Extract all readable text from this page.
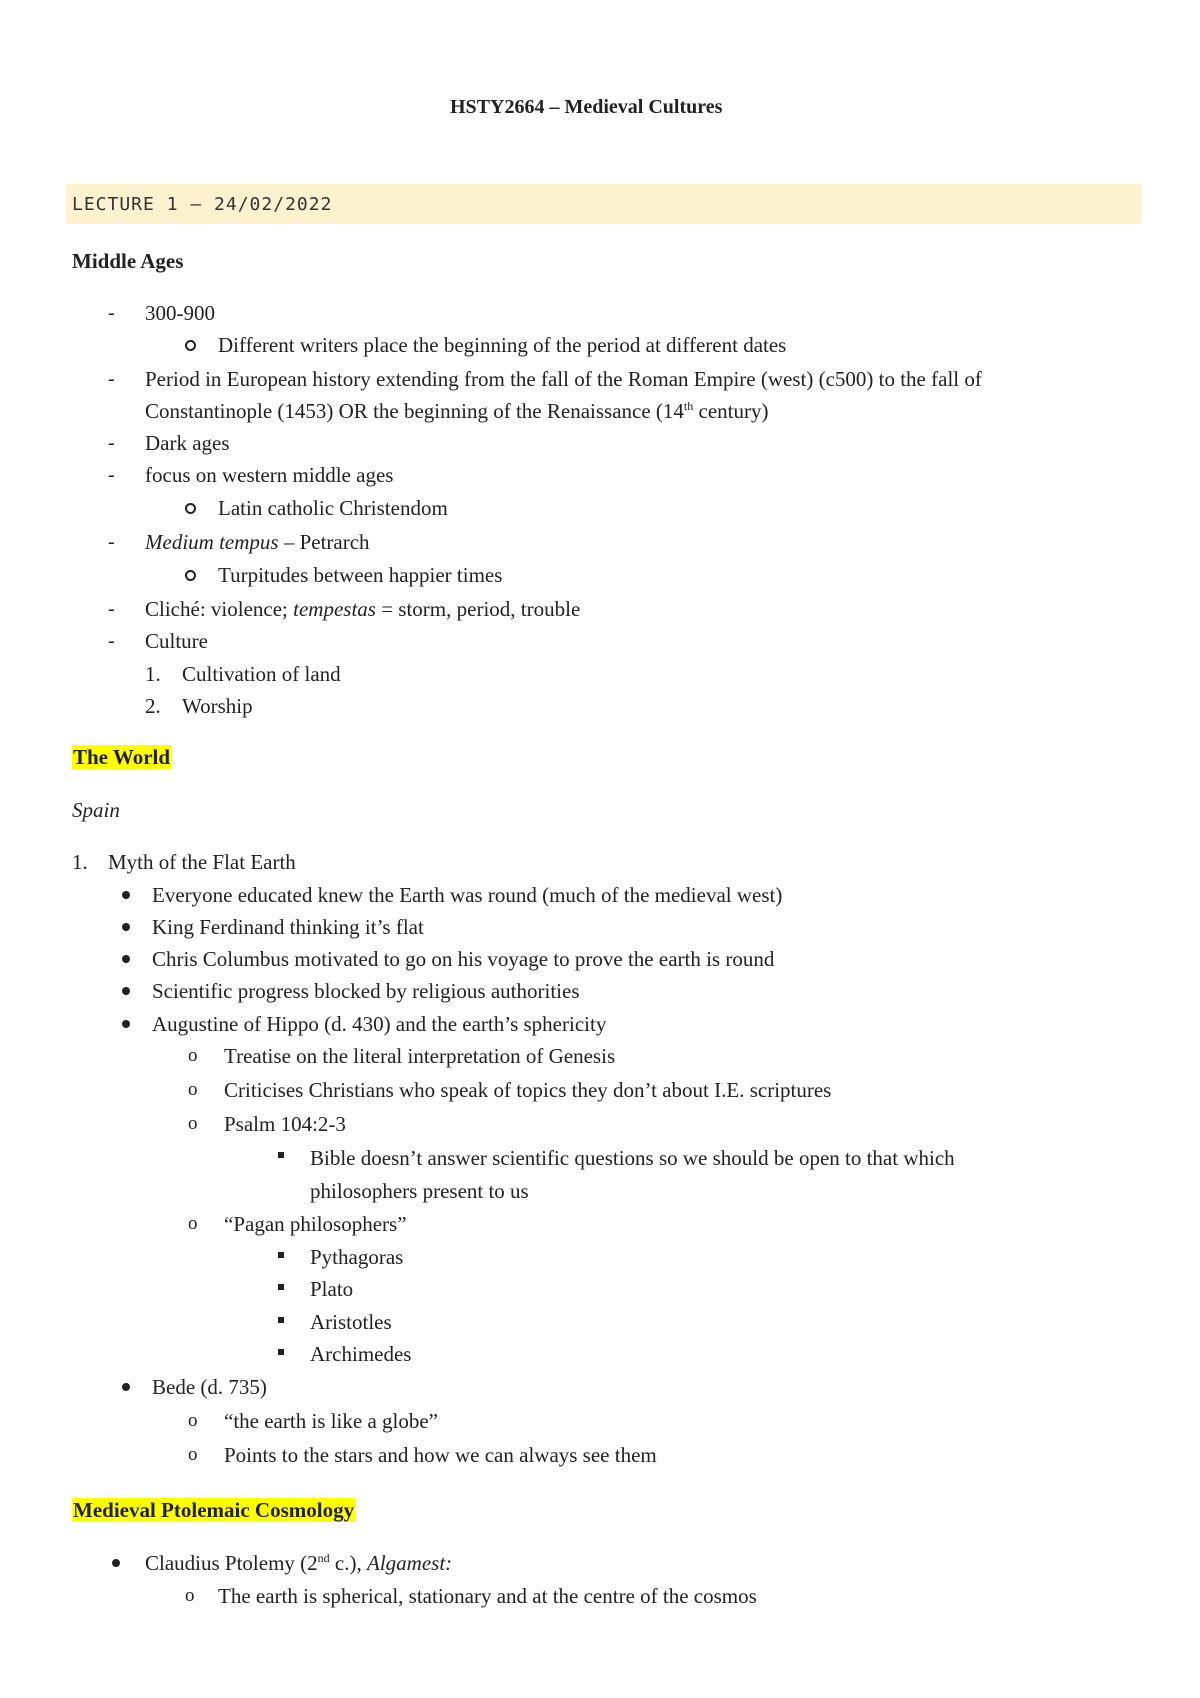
HSTY2664 – Medieval Cultures
LECTURE 1 – 24/02/2022
Middle Ages
- 300-900
Different writers place the beginning of the period at different dates
- Period in European history extending from the fall of the Roman Empire (west) (c500) to the fall of
Constantinople (1453) OR the beginning of the Renaissance (14th century)
- Dark ages
- focus on western middle ages
Latin catholic Christendom
- Medium tempus – Petrarch
Turpitudes between happier times
- Cliché: violence; tempestas = storm, period, trouble
- Culture
1. Cultivation of land
2. Worship
The World
Spain
1. Myth of the Flat Earth
Everyone educated knew the Earth was round (much of the medieval west)
King Ferdinand thinking it’s flat
Chris Columbus motivated to go on his voyage to prove the earth is round
Scientific progress blocked by religious authorities
Augustine of Hippo (d. 430) and the earth’s sphericity
o Treatise on the literal interpretation of Genesis
o Criticises Christians who speak of topics they don’t about I.E. scriptures
o Psalm 104:2-3
Bible doesn’t answer scientific questions so we should be open to that which
philosophers present to us
o “Pagan philosophers”
Pythagoras
Plato
Aristotles
Archimedes
Bede (d. 735)
o “the earth is like a globe”
o Points to the stars and how we can always see them
Medieval Ptolemaic Cosmology
Claudius Ptolemy (2nd c.), Algamest:
o The earth is spherical, stationary and at the centre of the cosmos
